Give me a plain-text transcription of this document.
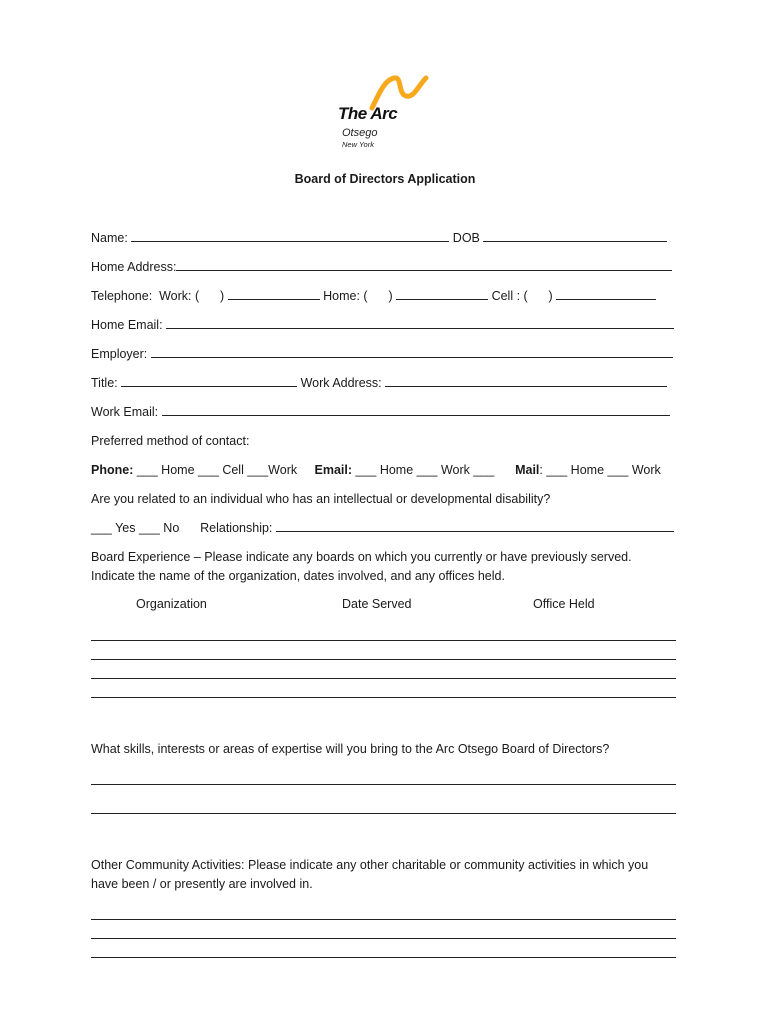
The Arc
Otsego
New York
Board of Directors Application
Name:	DOB
Home Address:
Telephone:  Work: ( )	Home: ( )	Cell : ( )
Home Email:
Employer:
Title:	Work Address:
Work Email:
Preferred method of contact:
Phone: ___ Home ___ Cell ___Work Email: ___ Home ___ Work ___ Mail: ___ Home ___ Work
Are you related to an individual who has an intellectual or developmental disability?
___ Yes ___ No Relationship:
Board Experience – Please indicate any boards on which you currently or have previously served.
Indicate the name of the organization, dates involved, and any offices held.
Organization	Date Served	Office Held
What skills, interests or areas of expertise will you bring to the Arc Otsego Board of Directors?
Other Community Activities: Please indicate any other charitable or community activities in which you
have been / or presently are involved in.
